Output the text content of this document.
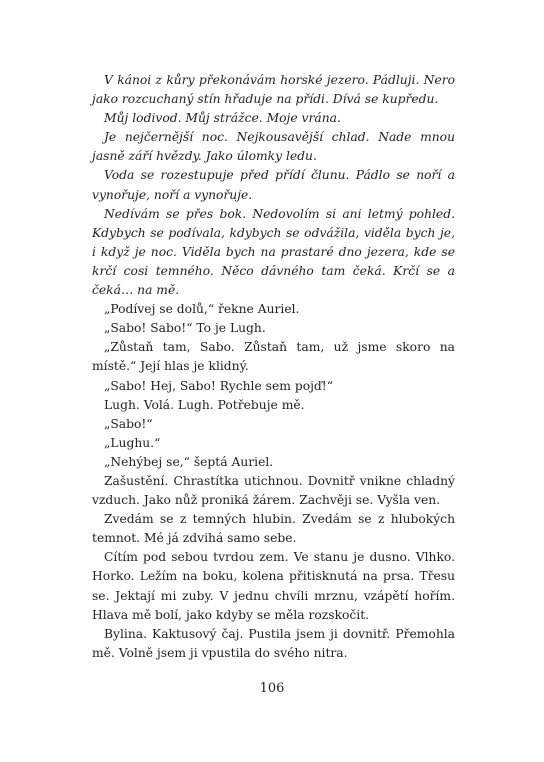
V kánoi z kůry překonávám horské jezero. Pádluji. Nero jako rozcuchaný stín hřaduje na přídi. Dívá se kupředu.

Můj lodivod. Můj strážce. Moje vrána.

Je nejčernější noc. Nejkousavější chlad. Nade mnou jasně září hvězdy. Jako úlomky ledu.

Voda se rozestupuje před přídí člunu. Pádlo se noří a vynořuje, noří a vynořuje.

Nedívám se přes bok. Nedovolím si ani letmý pohled. Kdybych se podívala, kdybych se odvážila, viděla bych je, i když je noc. Viděla bych na prastaré dno jezera, kde se krčí cosi temného. Něco dávného tam čeká. Krčí se a čeká… na mě.

„Podívej se dolů,“ řekne Auriel.

„Sabo! Sabo!“ To je Lugh.

„Zůstaň tam, Sabo. Zůstaň tam, už jsme skoro na místě.“ Její hlas je klidný.

„Sabo! Hej, Sabo! Rychle sem pojď!“

Lugh. Volá. Lugh. Potřebuje mě.

„Sabo!“

„Lughu.“

„Nehýbej se,“ šeptá Auriel.

Zašustění. Chrastítka utichnou. Dovnitř vnikne chladný vzduch. Jako nůž proniká žárem. Zachvěji se. Vyšla ven.

Zvedám se z temných hlubin. Zvedám se z hlubokých temnot. Mé já zdvihá samo sebe.

Cítím pod sebou tvrdou zem. Ve stanu je dusno. Vlhko. Horko. Ležím na boku, kolena přitisknutá na prsa. Třesu se. Jektají mi zuby. V jednu chvíli mrznu, vzápětí hořím. Hlava mě bolí, jako kdyby se měla rozskočit.

Bylina. Kaktusový čaj. Pustila jsem ji dovnitř. Přemohla mě. Volně jsem ji vpustila do svého nitra.

106
